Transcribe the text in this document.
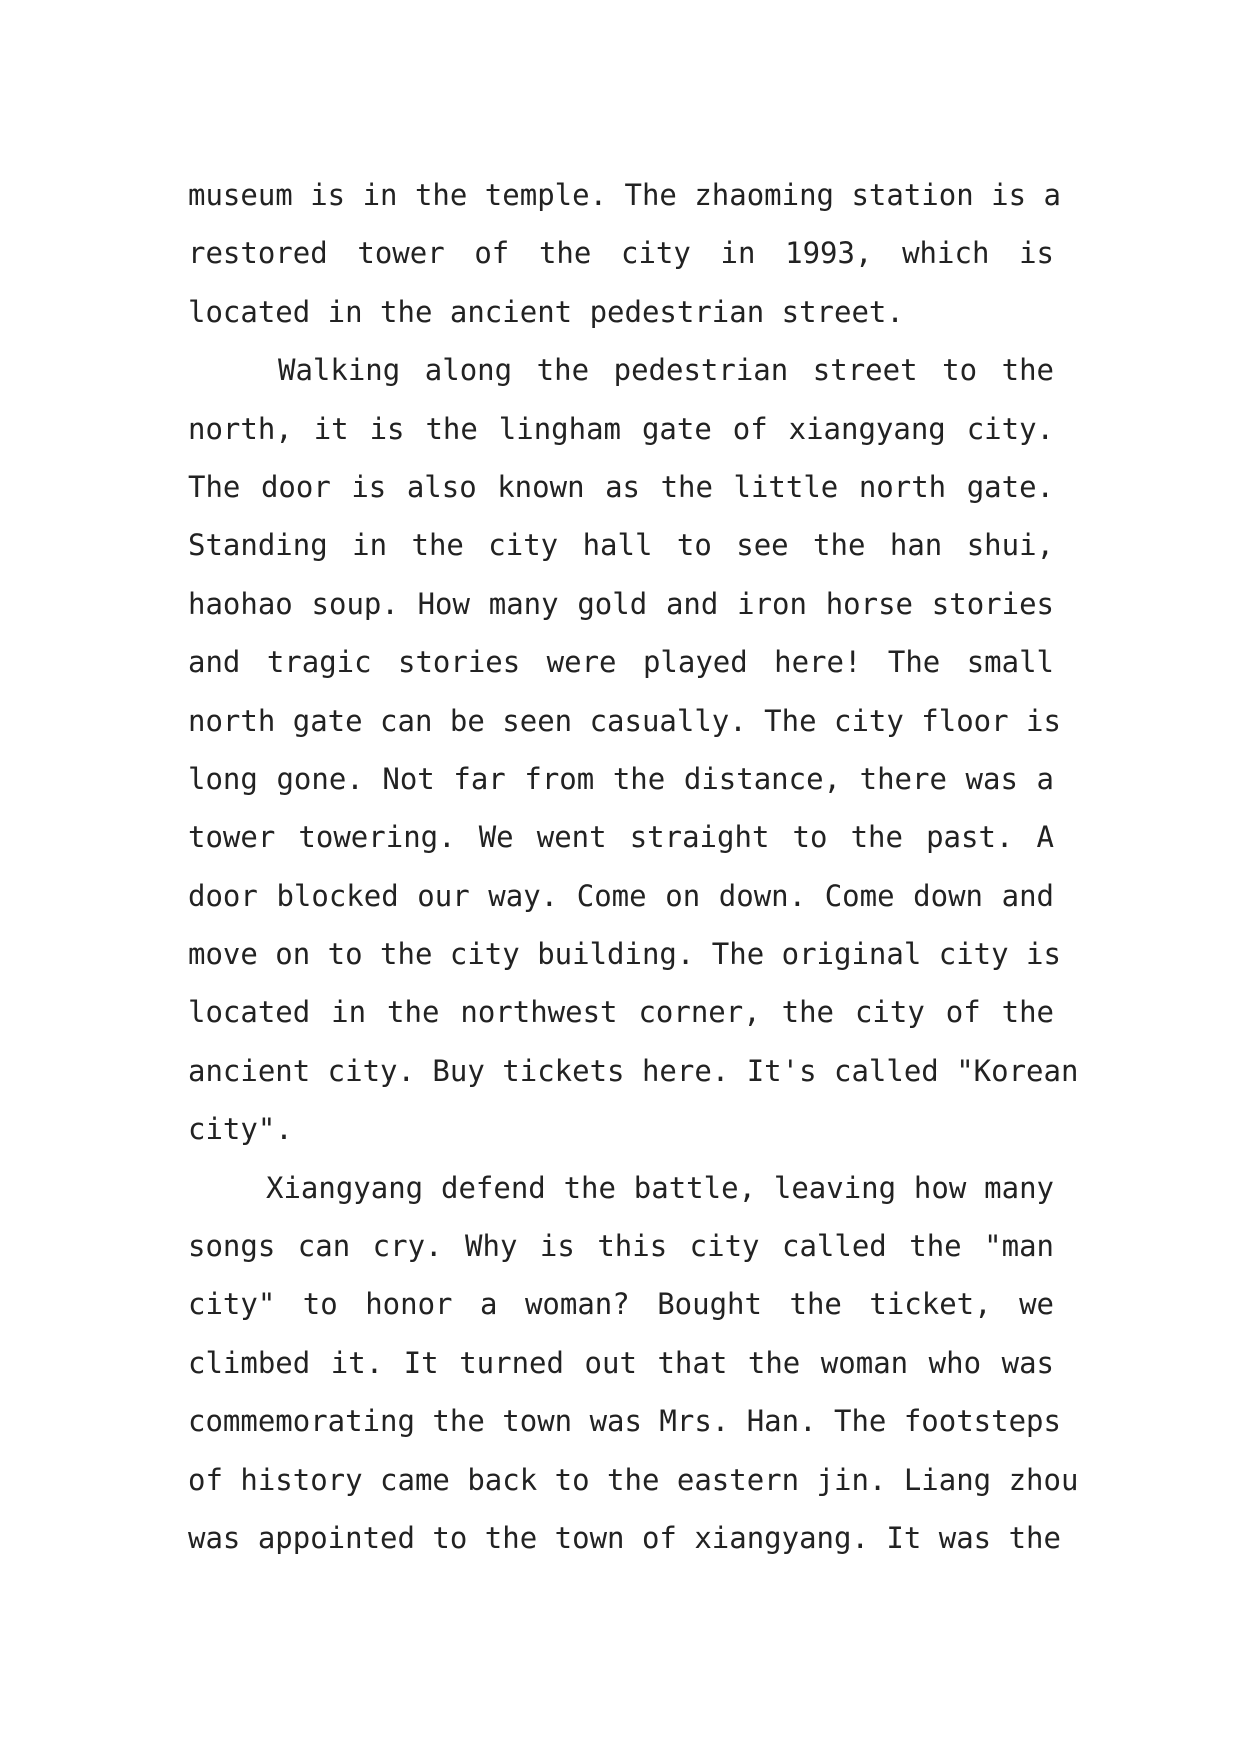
museum is in the temple. The zhaoming station is a
restored tower of the city in 1993, which is
located in the ancient pedestrian street.
Walking along the pedestrian street to the
north, it is the lingham gate of xiangyang city.
The door is also known as the little north gate.
Standing in the city hall to see the han shui,
haohao soup. How many gold and iron horse stories
and tragic stories were played here! The small
north gate can be seen casually. The city floor is
long gone. Not far from the distance, there was a
tower towering. We went straight to the past. A
door blocked our way. Come on down. Come down and
move on to the city building. The original city is
located in the northwest corner, the city of the
ancient city. Buy tickets here. It's called "Korean
city".
Xiangyang defend the battle, leaving how many
songs can cry. Why is this city called the "man
city" to honor a woman? Bought the ticket, we
climbed it. It turned out that the woman who was
commemorating the town was Mrs. Han. The footsteps
of history came back to the eastern jin. Liang zhou
was appointed to the town of xiangyang. It was the
